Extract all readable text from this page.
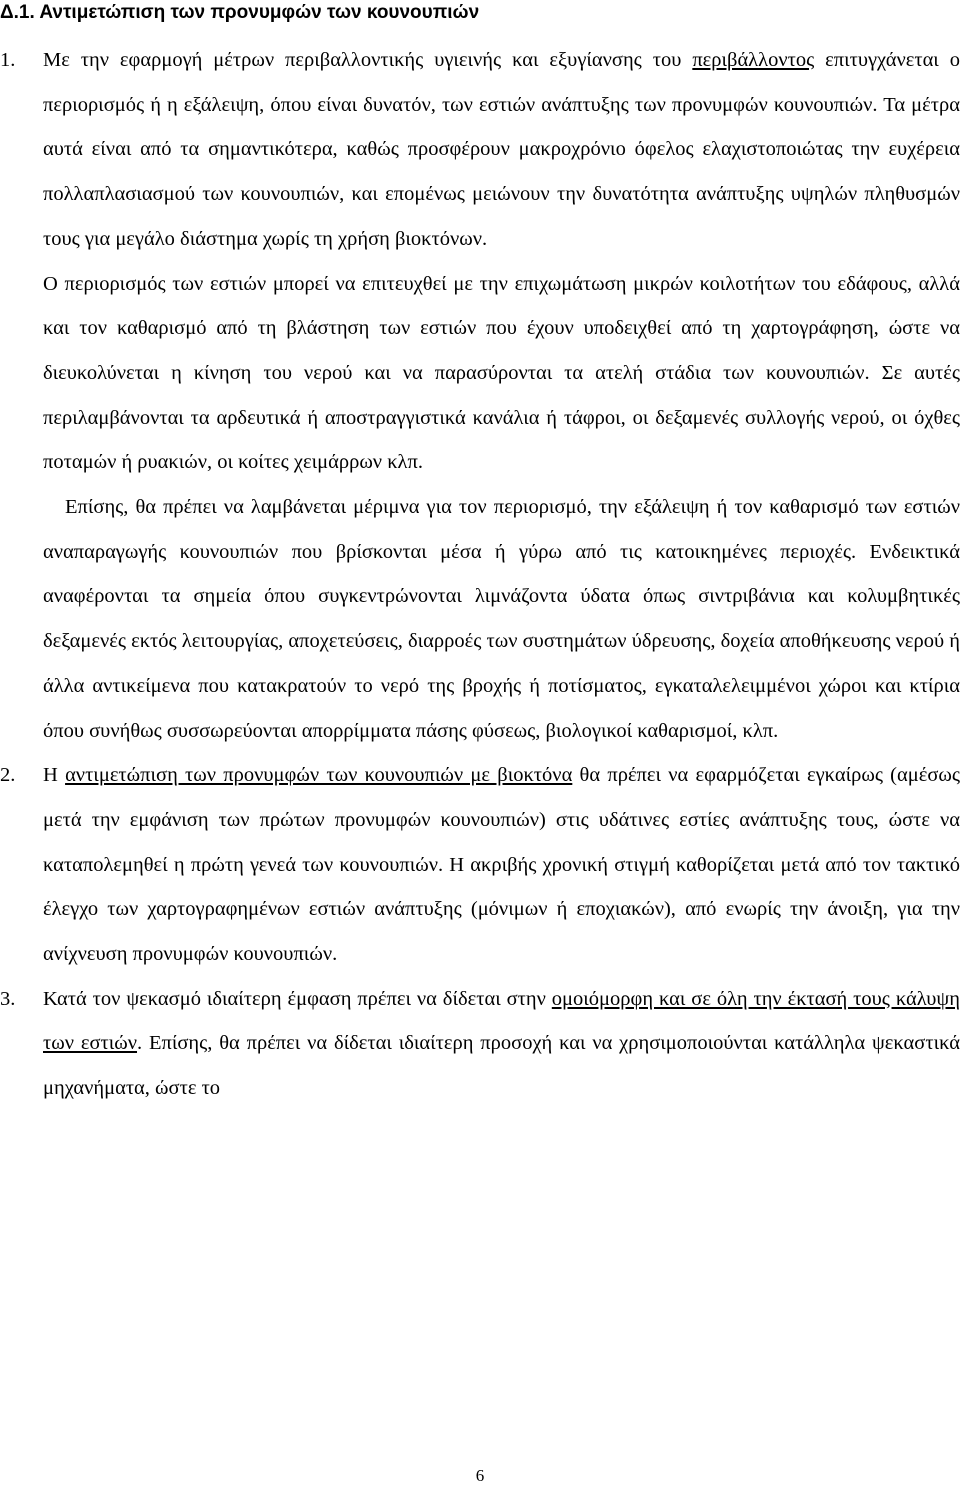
Δ.1. Αντιμετώπιση των προνυμφών των κουνουπιών
1. Με την εφαρμογή μέτρων περιβαλλοντικής υγιεινής και εξυγίανσης του περιβάλλοντος επιτυγχάνεται ο περιορισμός ή η εξάλειψη, όπου είναι δυνατόν, των εστιών ανάπτυξης των προνυμφών κουνουπιών. Τα μέτρα αυτά είναι από τα σημαντικότερα, καθώς προσφέρουν μακροχρόνιο όφελος ελαχιστοποιώτας την ευχέρεια πολλαπλασιασμού των κουνουπιών, και επομένως μειώνουν την δυνατότητα ανάπτυξης υψηλών πληθυσμών τους για μεγάλο διάστημα χωρίς τη χρήση βιοκτόνων.

Ο περιορισμός των εστιών μπορεί να επιτευχθεί με την επιχωμάτωση μικρών κοιλοτήτων του εδάφους, αλλά και τον καθαρισμό από τη βλάστηση των εστιών που έχουν υποδειχθεί από τη χαρτογράφηση, ώστε να διευκολύνεται η κίνηση του νερού και να παρασύρονται τα ατελή στάδια των κουνουπιών. Σε αυτές περιλαμβάνονται τα αρδευτικά ή αποστραγγιστικά κανάλια ή τάφροι, οι δεξαμενές συλλογής νερού, οι όχθες ποταμών ή ρυακιών, οι κοίτες χειμάρρων κλπ.

Επίσης, θα πρέπει να λαμβάνεται μέριμνα για τον περιορισμό, την εξάλειψη ή τον καθαρισμό των εστιών αναπαραγωγής κουνουπιών που βρίσκονται μέσα ή γύρω από τις κατοικημένες περιοχές. Ενδεικτικά αναφέρονται τα σημεία όπου συγκεντρώνονται λιμνάζοντα ύδατα όπως σιντριβάνια και κολυμβητικές δεξαμενές εκτός λειτουργίας, αποχετεύσεις, διαρροές των συστημάτων ύδρευσης, δοχεία αποθήκευσης νερού ή άλλα αντικείμενα που κατακρατούν το νερό της βροχής ή ποτίσματος, εγκαταλελειμμένοι χώροι και κτίρια όπου συνήθως συσσωρεύονται απορρίμματα πάσης φύσεως, βιολογικοί καθαρισμοί, κλπ.

2. Η αντιμετώπιση των προνυμφών των κουνουπιών με βιοκτόνα θα πρέπει να εφαρμόζεται εγκαίρως (αμέσως μετά την εμφάνιση των πρώτων προνυμφών κουνουπιών) στις υδάτινες εστίες ανάπτυξης τους, ώστε να καταπολεμηθεί η πρώτη γενεά των κουνουπιών. Η ακριβής χρονική στιγμή καθορίζεται μετά από τον τακτικό έλεγχο των χαρτογραφημένων εστιών ανάπτυξης (μόνιμων ή εποχιακών), από ενωρίς την άνοιξη, για την ανίχνευση προνυμφών κουνουπιών.

3. Κατά τον ψεκασμό ιδιαίτερη έμφαση πρέπει να δίδεται στην ομοιόμορφη και σε όλη την έκτασή τους κάλυψη των εστιών. Επίσης, θα πρέπει να δίδεται ιδιαίτερη προσοχή και να χρησιμοποιούνται κατάλληλα ψεκαστικά μηχανήματα, ώστε το

6
